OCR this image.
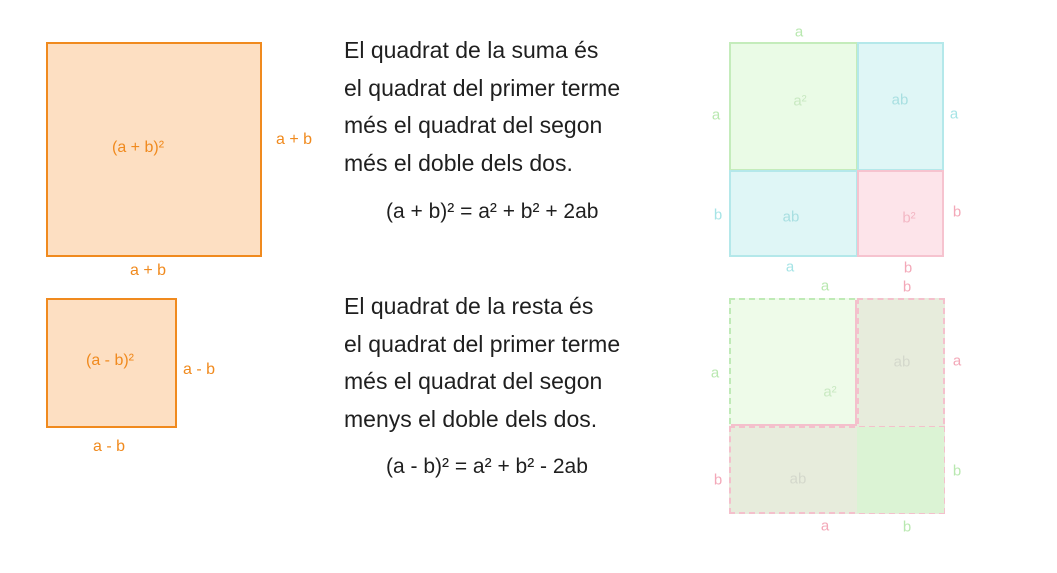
(a + b)²	a + b
a + b
El quadrat de la suma és
el quadrat del primer terme
més el quadrat del segon
més el doble dels dos.
(a + b)² = a² + b² + 2ab
a²	ab
ab	b²
a
a
b
a
b
a	b
(a - b)²
a - b
a - b
El quadrat de la resta és
el quadrat del primer terme
més el quadrat del segon
menys el doble dels dos.
(a - b)² = a² + b² - 2ab
a²
ab
ab
a	b
a
b
a
b
a	b
